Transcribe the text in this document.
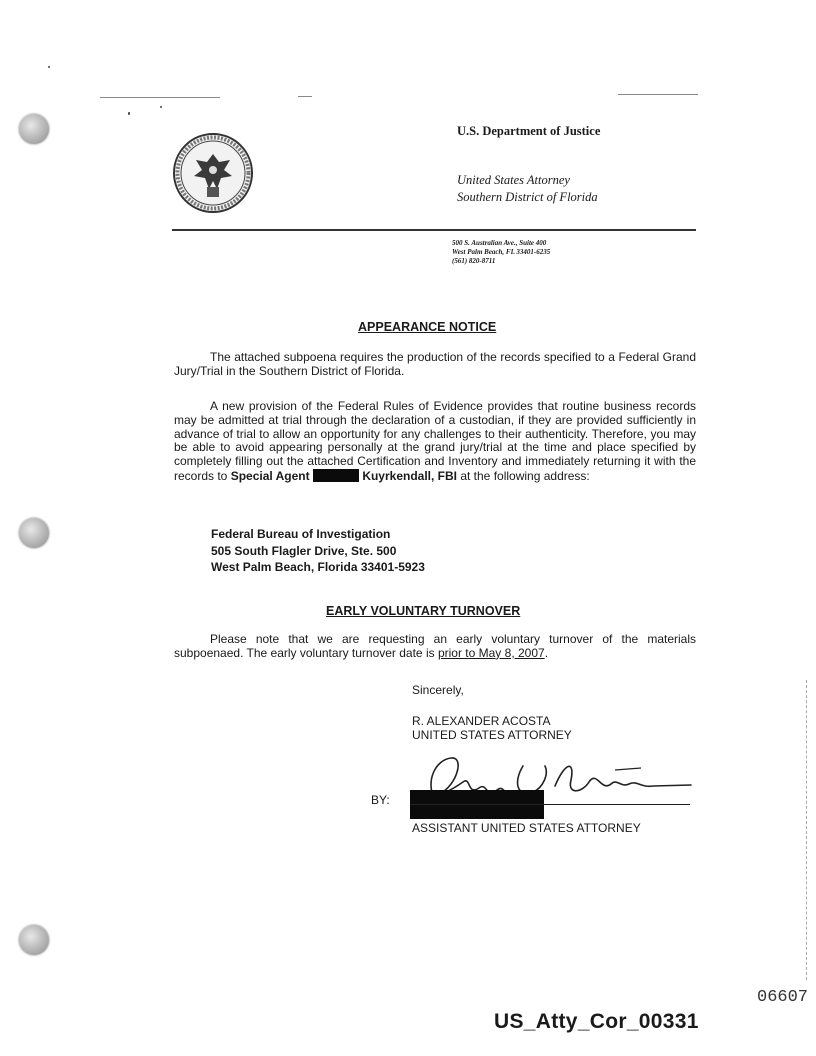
U.S. Department of Justice
United States Attorney
Southern District of Florida
500 S. Australian Ave., Suite 400
West Palm Beach, FL 33401-6235
(561) 820-8711
APPEARANCE NOTICE
The attached subpoena requires the production of the records specified to a Federal Grand Jury/Trial in the Southern District of Florida.
A new provision of the Federal Rules of Evidence provides that routine business records may be admitted at trial through the declaration of a custodian, if they are provided sufficiently in advance of trial to allow an opportunity for any challenges to their authenticity. Therefore, you may be able to avoid appearing personally at the grand jury/trial at the time and place specified by completely filling out the attached Certification and Inventory and immediately returning it with the records to Special Agent	Kuyrkendall, FBI at the following address:
Federal Bureau of Investigation
505 South Flagler Drive, Ste. 500
West Palm Beach, Florida 33401-5923
EARLY VOLUNTARY TURNOVER
Please note that we are requesting an early voluntary turnover of the materials subpoenaed. The early voluntary turnover date is prior to May 8, 2007.
Sincerely,
R. ALEXANDER ACOSTA
UNITED STATES ATTORNEY
BY:
ASSISTANT UNITED STATES ATTORNEY
06607
US_Atty_Cor_00331
